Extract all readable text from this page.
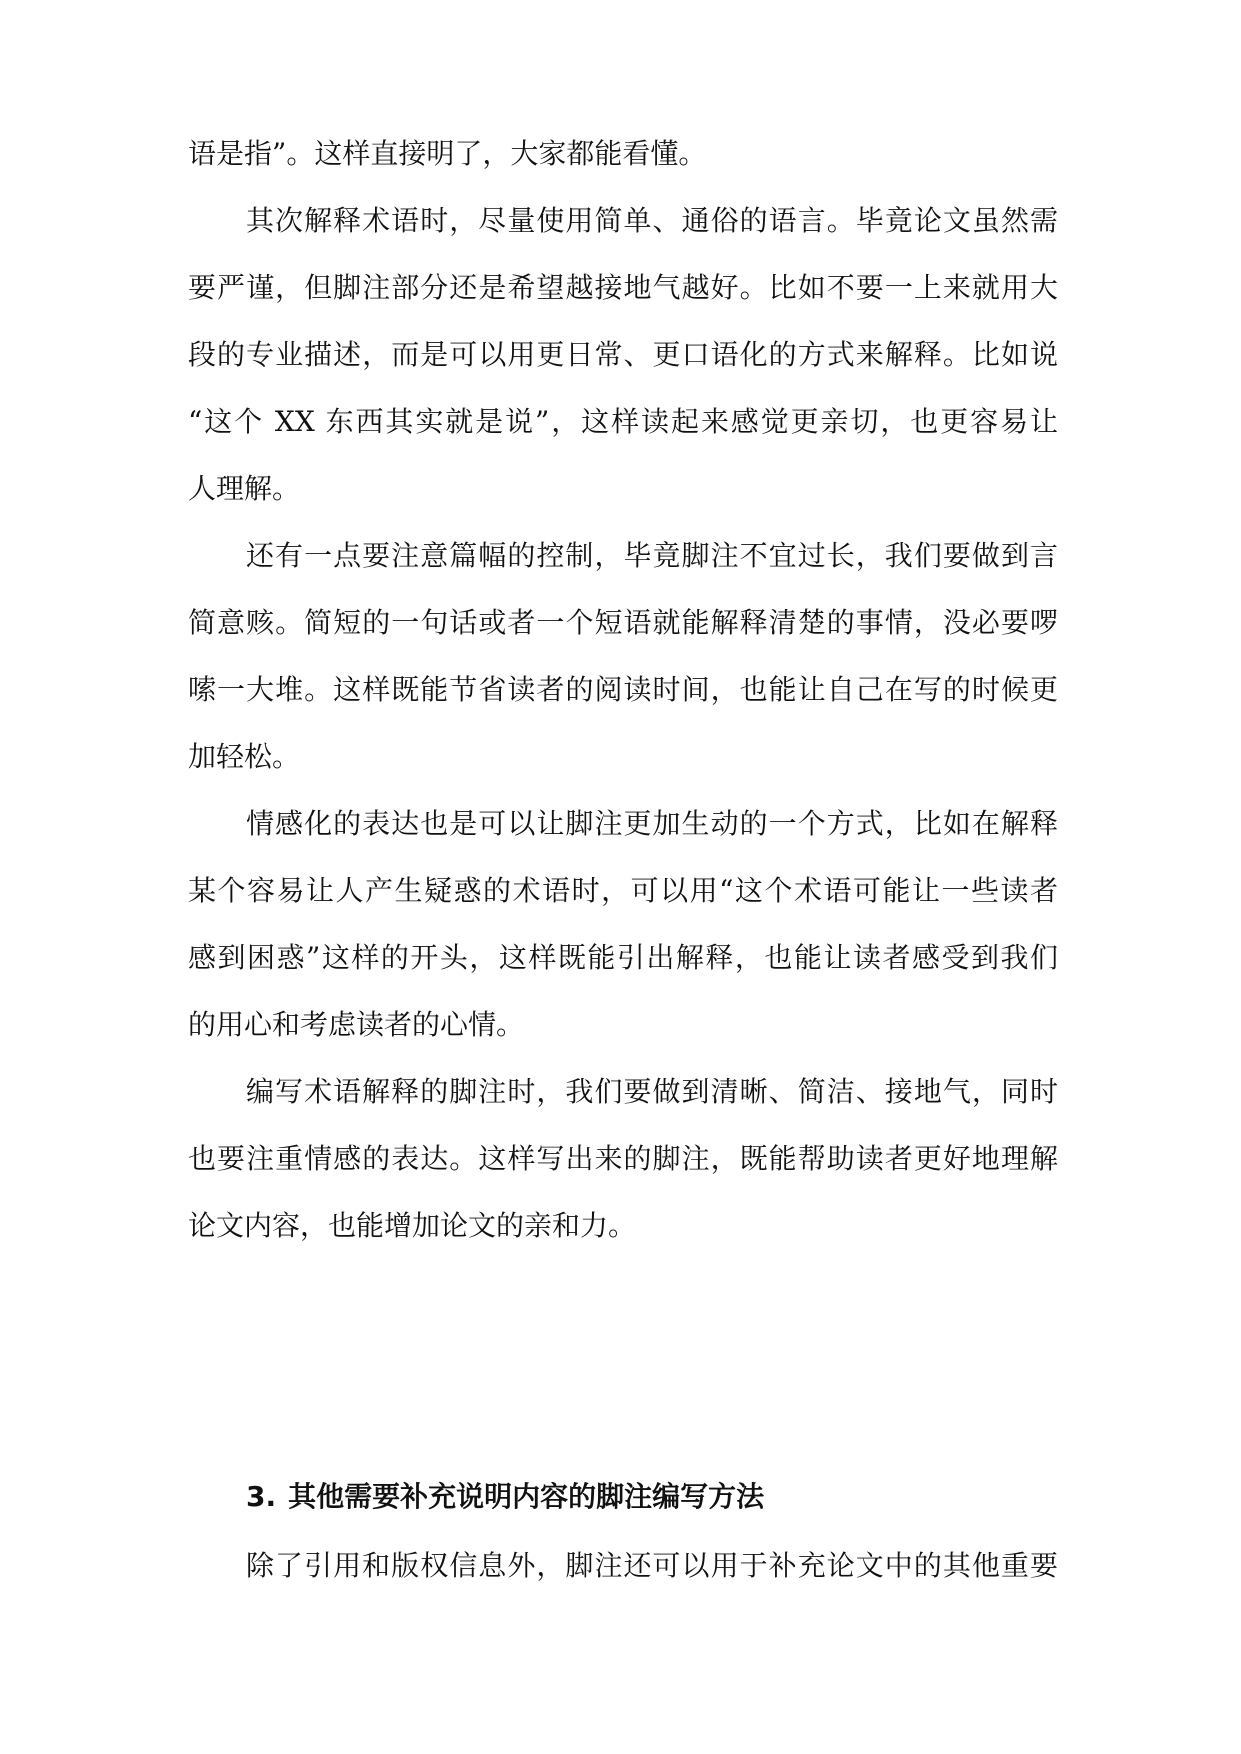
语是指”。这样直接明了，大家都能看懂。
其次解释术语时，尽量使用简单、通俗的语言。毕竟论文虽然需
要严谨，但脚注部分还是希望越接地气越好。比如不要一上来就用大
段的专业描述，而是可以用更日常、更口语化的方式来解释。比如说
“这个 XX 东西其实就是说”，这样读起来感觉更亲切，也更容易让
人理解。
还有一点要注意篇幅的控制，毕竟脚注不宜过长，我们要做到言
简意赅。简短的一句话或者一个短语就能解释清楚的事情，没必要啰
嗦一大堆。这样既能节省读者的阅读时间，也能让自己在写的时候更
加轻松。
情感化的表达也是可以让脚注更加生动的一个方式，比如在解释
某个容易让人产生疑惑的术语时，可以用“这个术语可能让一些读者
感到困惑”这样的开头，这样既能引出解释，也能让读者感受到我们
的用心和考虑读者的心情。
编写术语解释的脚注时，我们要做到清晰、简洁、接地气，同时
也要注重情感的表达。这样写出来的脚注，既能帮助读者更好地理解
论文内容，也能增加论文的亲和力。
3. 其他需要补充说明内容的脚注编写方法
除了引用和版权信息外，脚注还可以用于补充论文中的其他重要
